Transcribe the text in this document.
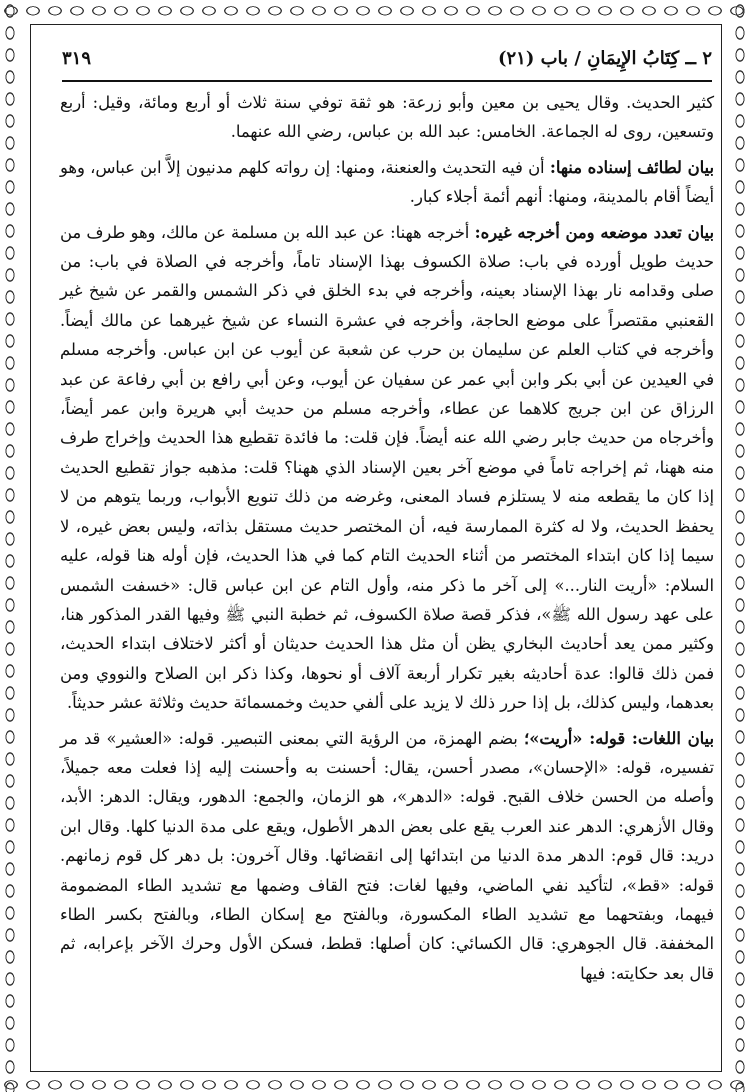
٢ ــ كِتَابُ الإِيمَانِ / باب (٢١)
٣١٩

كثير الحديث. وقال يحيى بن معين وأبو زرعة: هو ثقة توفي سنة ثلاث أو أربع ومائة، وقيل: أربع وتسعين، روى له الجماعة. الخامس: عبد الله بن عباس، رضي الله عنهما.

بيان لطائف إسناده منها: أن فيه التحديث والعنعنة، ومنها: إن رواته كلهم مدنيون إلاَّ ابن عباس، وهو أيضاً أقام بالمدينة، ومنها: أنهم أئمة أجلاء كبار.

بيان تعدد موضعه ومن أخرجه غيره: أخرجه ههنا: عن عبد الله بن مسلمة عن مالك، وهو طرف من حديث طويل أورده في باب: صلاة الكسوف بهذا الإسناد تاماً، وأخرجه في الصلاة في باب: من صلى وقدامه نار بهذا الإسناد بعينه، وأخرجه في بدء الخلق في ذكر الشمس والقمر عن شيخ غير القعنبي مقتصراً على موضع الحاجة، وأخرجه في عشرة النساء عن شيخ غيرهما عن مالك أيضاً. وأخرجه في كتاب العلم عن سليمان بن حرب عن شعبة عن أيوب عن ابن عباس. وأخرجه مسلم في العيدين عن أبي بكر وابن أبي عمر عن سفيان عن أيوب، وعن أبي رافع بن أبي رفاعة عن عبد الرزاق عن ابن جريج كلاهما عن عطاء، وأخرجه مسلم من حديث أبي هريرة وابن عمر أيضاً، وأخرجاه من حديث جابر رضي الله عنه أيضاً. فإن قلت: ما فائدة تقطيع هذا الحديث وإخراج طرف منه ههنا، ثم إخراجه تاماً في موضع آخر بعين الإسناد الذي ههنا؟ قلت: مذهبه جواز تقطيع الحديث إذا كان ما يقطعه منه لا يستلزم فساد المعنى، وغرضه من ذلك تنويع الأبواب، وربما يتوهم من لا يحفظ الحديث، ولا له كثرة الممارسة فيه، أن المختصر حديث مستقل بذاته، وليس بعض غيره، لا سيما إذا كان ابتداء المختصر من أثناء الحديث التام كما في هذا الحديث، فإن أوله هنا قوله، عليه السلام: «أريت النار...» إلى آخر ما ذكر منه، وأول التام عن ابن عباس قال: «خسفت الشمس على عهد رسول الله ﷺ»، فذكر قصة صلاة الكسوف، ثم خطبة النبي ﷺ وفيها القدر المذكور هنا، وكثير ممن يعد أحاديث البخاري يظن أن مثل هذا الحديث حديثان أو أكثر لاختلاف ابتداء الحديث، فمن ذلك قالوا: عدة أحاديثه بغير تكرار أربعة آلاف أو نحوها، وكذا ذكر ابن الصلاح والنووي ومن بعدهما، وليس كذلك، بل إذا حرر ذلك لا يزيد على ألفي حديث وخمسمائة حديث وثلاثة عشر حديثاً.

بيان اللغات: قوله: «أريت»؛ بضم الهمزة، من الرؤية التي بمعنى التبصير. قوله: «العشير» قد مر تفسيره، قوله: «الإحسان»، مصدر أحسن، يقال: أحسنت به وأحسنت إليه إذا فعلت معه جميلاً، وأصله من الحسن خلاف القبح. قوله: «الدهر»، هو الزمان، والجمع: الدهور، ويقال: الدهر: الأبد، وقال الأزهري: الدهر عند العرب يقع على بعض الدهر الأطول، ويقع على مدة الدنيا كلها. وقال ابن دريد: قال قوم: الدهر مدة الدنيا من ابتدائها إلى انقضائها. وقال آخرون: بل دهر كل قوم زمانهم. قوله: «قط»، لتأكيد نفي الماضي، وفيها لغات: فتح القاف وضمها مع تشديد الطاء المضمومة فيهما، وبفتحهما مع تشديد الطاء المكسورة، وبالفتح مع إسكان الطاء، وبالفتح بكسر الطاء المخففة. قال الجوهري: قال الكسائي: كان أصلها: قطط، فسكن الأول وحرك الآخر بإعرابه، ثم قال بعد حكايته: فيها
